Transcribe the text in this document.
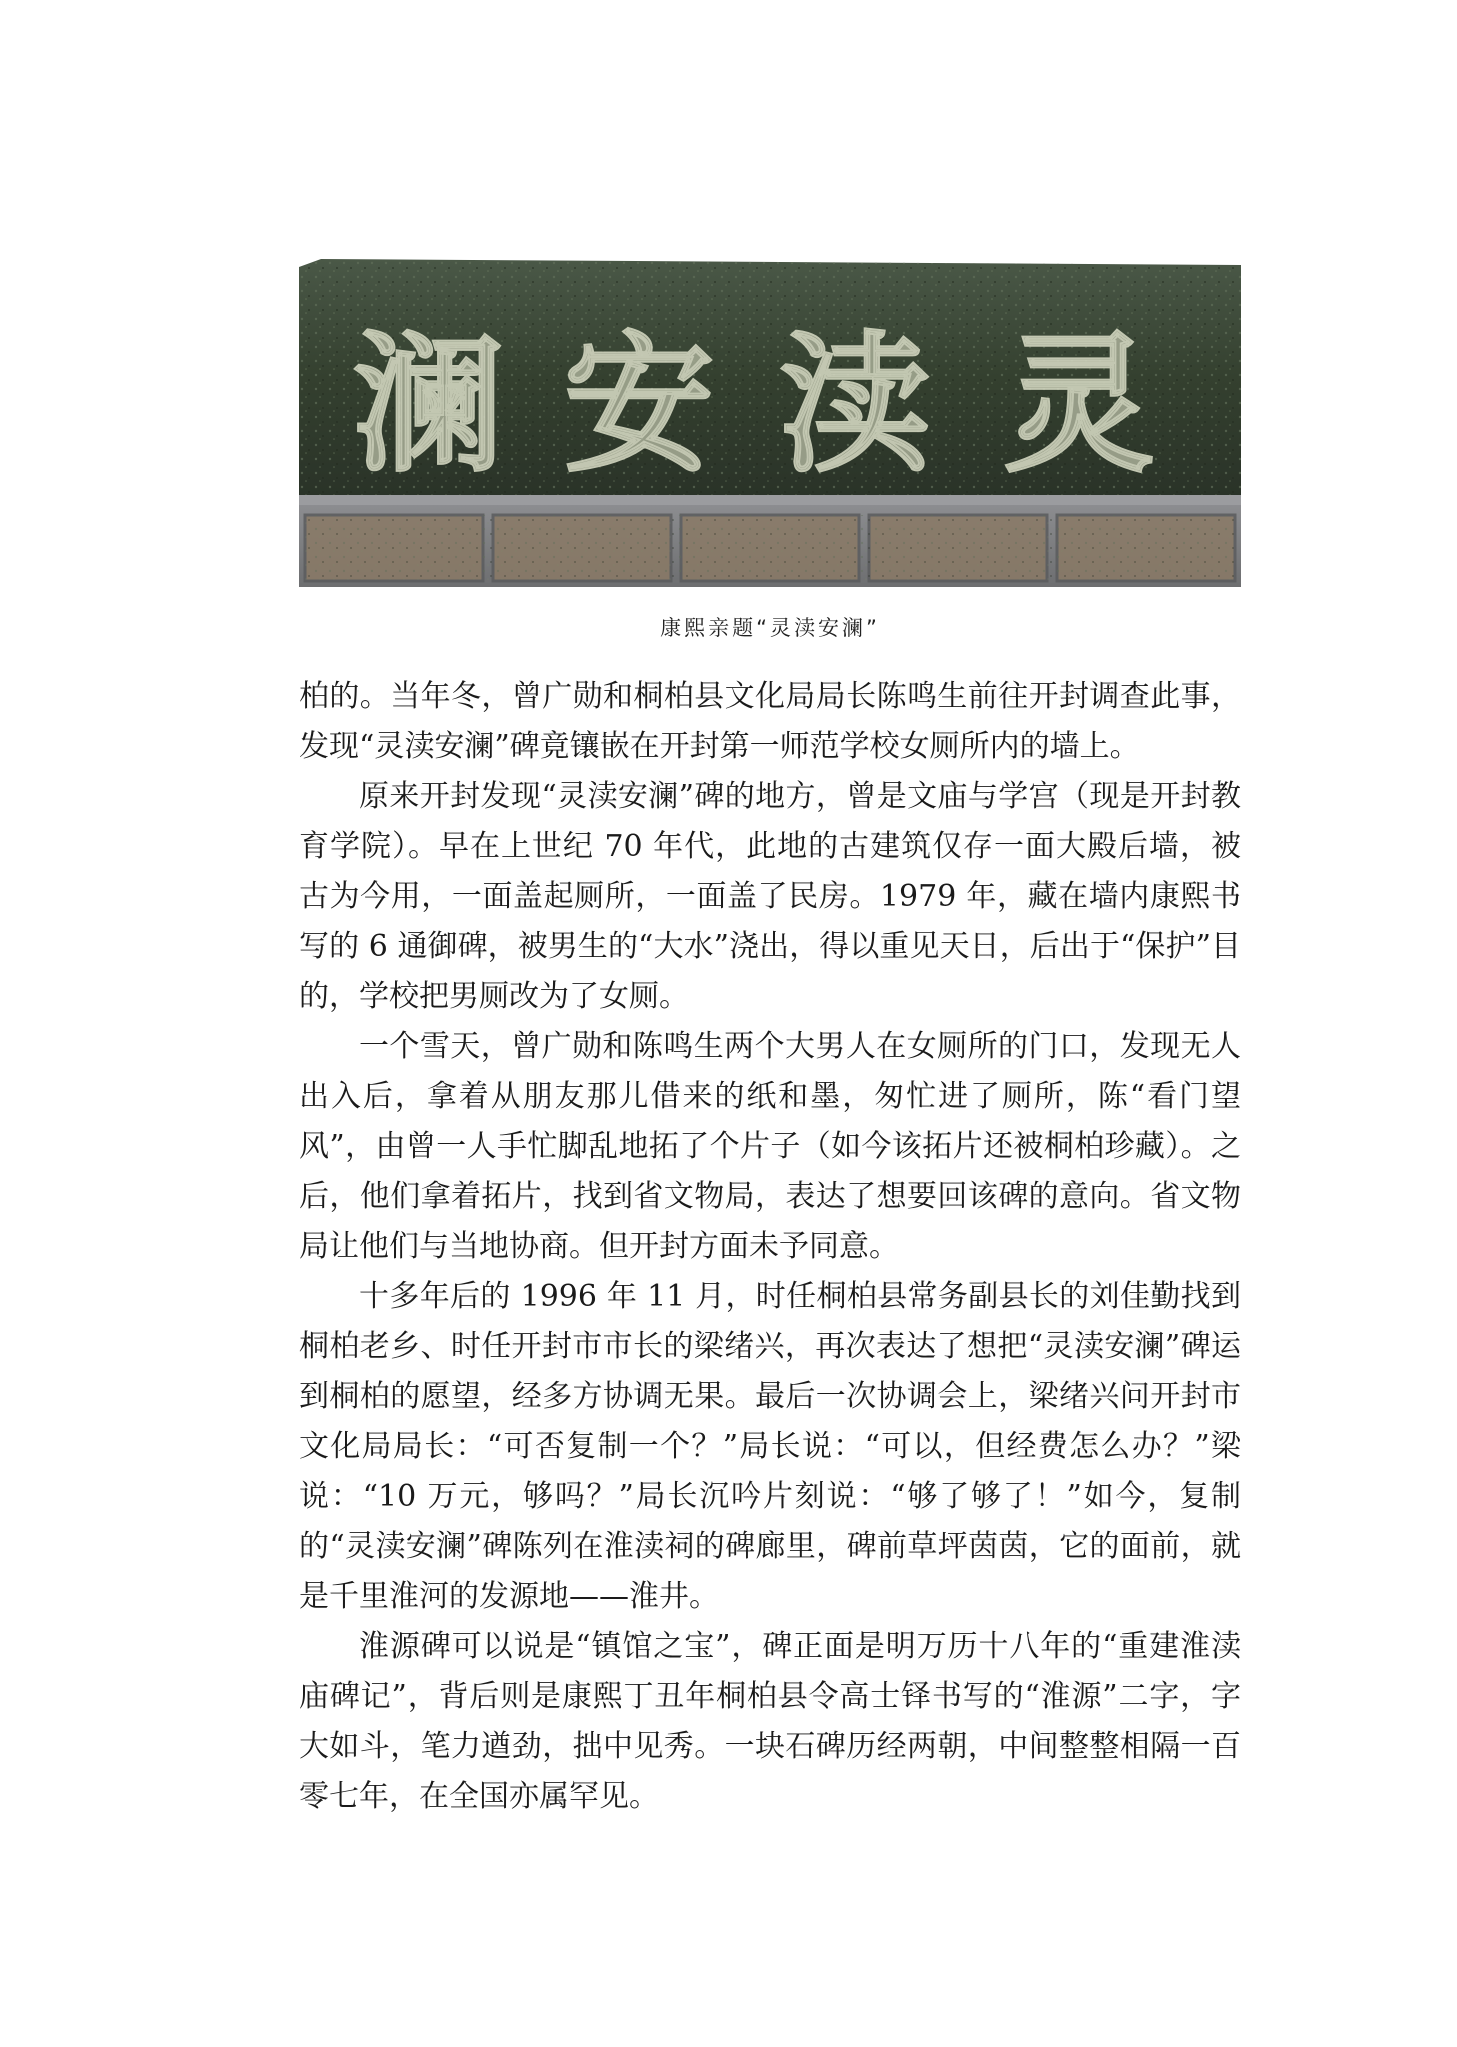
灵
渎
安
澜
康熙亲题“灵渎安澜”

柏的。当年冬，曾广勋和桐柏县文化局局长陈鸣生前往开封调查此事，发现“灵渎安澜”碑竟镶嵌在开封第一师范学校女厕所内的墙上。

原来开封发现“灵渎安澜”碑的地方，曾是文庙与学宫（现是开封教育学院）。早在上世纪 70 年代，此地的古建筑仅存一面大殿后墙，被古为今用，一面盖起厕所，一面盖了民房。1979 年，藏在墙内康熙书写的 6 通御碑，被男生的“大水”浇出，得以重见天日，后出于“保护”目的，学校把男厕改为了女厕。

一个雪天，曾广勋和陈鸣生两个大男人在女厕所的门口，发现无人出入后，拿着从朋友那儿借来的纸和墨，匆忙进了厕所，陈“看门望风”，由曾一人手忙脚乱地拓了个片子（如今该拓片还被桐柏珍藏）。之后，他们拿着拓片，找到省文物局，表达了想要回该碑的意向。省文物局让他们与当地协商。但开封方面未予同意。

十多年后的 1996 年 11 月，时任桐柏县常务副县长的刘佳勤找到桐柏老乡、时任开封市市长的梁绪兴，再次表达了想把“灵渎安澜”碑运到桐柏的愿望，经多方协调无果。最后一次协调会上，梁绪兴问开封市文化局局长：“可否复制一个？”局长说：“可以，但经费怎么办？”梁说：“10 万元，够吗？”局长沉吟片刻说：“够了够了！”如今，复制的“灵渎安澜”碑陈列在淮渎祠的碑廊里，碑前草坪茵茵，它的面前，就是千里淮河的发源地——淮井。

淮源碑可以说是“镇馆之宝”，碑正面是明万历十八年的“重建淮渎庙碑记”，背后则是康熙丁丑年桐柏县令高士铎书写的“淮源”二字，字大如斗，笔力遒劲，拙中见秀。一块石碑历经两朝，中间整整相隔一百零七年，在全国亦属罕见。
